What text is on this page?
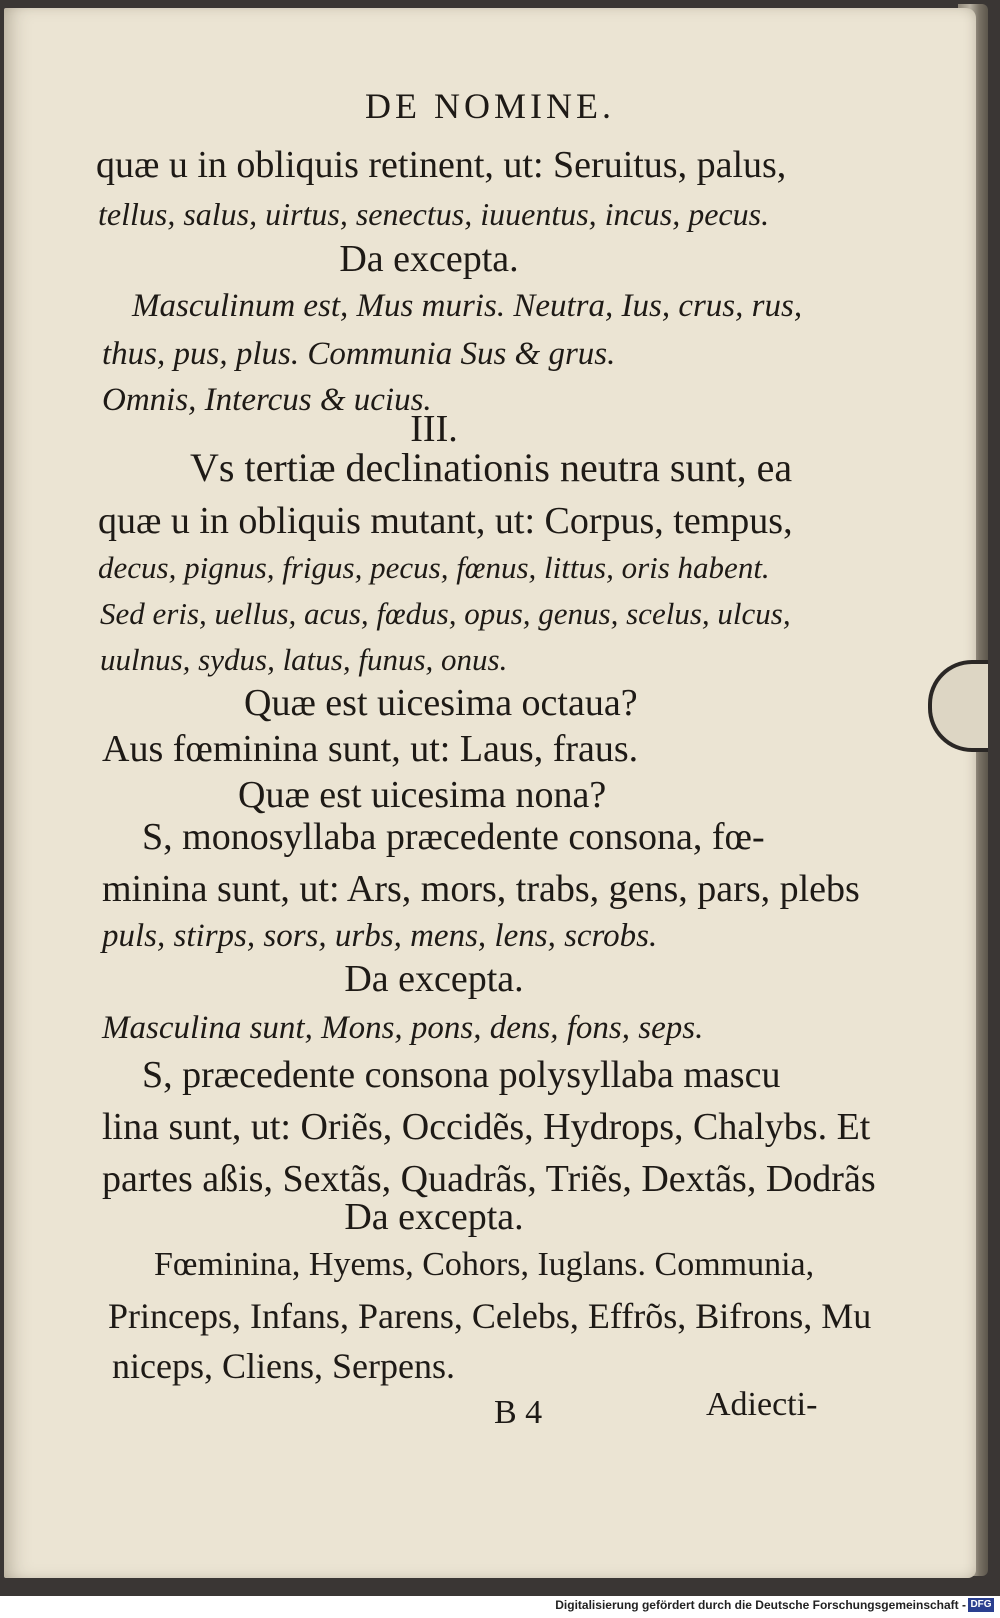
DE NOMINE.
quæ u in obliquis retinent, ut: Seruitus, palus,
tellus, salus, uirtus, senectus, iuuentus, incus, pecus.
Da excepta.
Masculinum est, Mus muris. Neutra, Ius, crus, rus,
thus, pus, plus. Communia Sus & grus.
Omnis, Intercus & ucius.
III.
Vs tertiæ declinationis neutra sunt, ea
quæ u in obliquis mutant, ut: Corpus, tempus,
decus, pignus, frigus, pecus, fœnus, littus, oris habent.
Sed eris, uellus, acus, fœdus, opus, genus, scelus, ulcus,
uulnus, sydus, latus, funus, onus.
Quæ est uicesima octaua?
Aus fœminina sunt, ut: Laus, fraus.
Quæ est uicesima nona?
S, monosyllaba præcedente consona, fœ-
minina sunt, ut: Ars, mors, trabs, gens, pars, plebs
puls, stirps, sors, urbs, mens, lens, scrobs.
Da excepta.
Masculina sunt, Mons, pons, dens, fons, seps.
S, præcedente consona polysyllaba mascu
lina sunt, ut: Oriẽs, Occidẽs, Hydrops, Chalybs. Et
partes aßis, Sextãs, Quadrãs, Triẽs, Dextãs, Dodrãs
Da excepta.
Fœminina, Hyems, Cohors, Iuglans. Communia,
Princeps, Infans, Parens, Celebs, Effrõs, Bifrons, Mu
niceps, Cliens, Serpens.
B 4	Adiecti-
Digitalisierung gefördert durch die Deutsche Forschungsgemeinschaft - DFG
